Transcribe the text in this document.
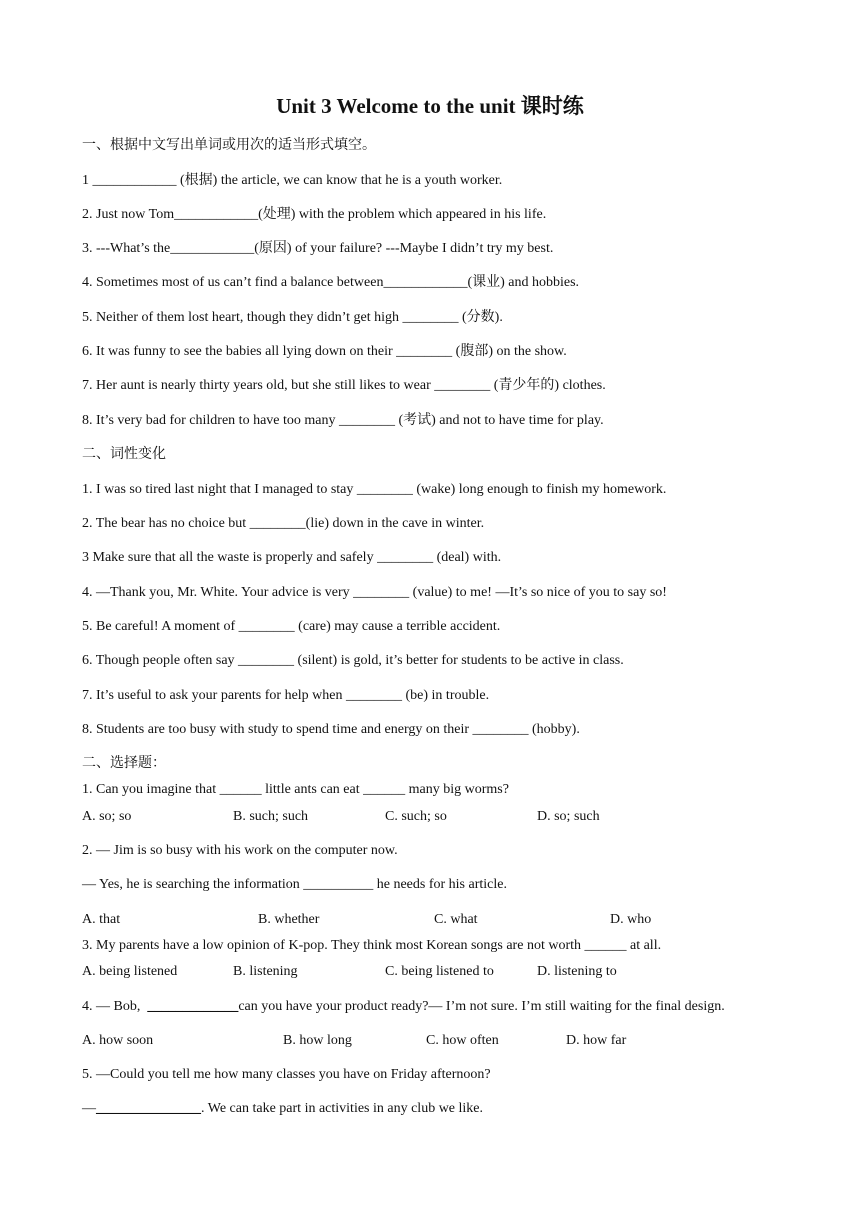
Unit 3 Welcome to the unit 课时练
一、根据中文写出单词或用次的适当形式填空。
1 ____________ (根据) the article, we can know that he is a youth worker.
2. Just now Tom____________(处理) with the problem which appeared in his life.
3. ---What’s the____________(原因) of your failure? ---Maybe I didn’t try my best.
4. Sometimes most of us can’t find a balance between____________(课业) and hobbies.
5. Neither of them lost heart, though they didn’t get high ________ (分数).
6. It was funny to see the babies all lying down on their ________ (腹部) on the show.
7. Her aunt is nearly thirty years old, but she still likes to wear ________ (青少年的) clothes.
8. It’s very bad for children to have too many ________ (考试) and not to have time for play.
二、词性变化
1. I was so tired last night that I managed to stay ________ (wake) long enough to finish my homework.
2. The bear has no choice but ________(lie) down in the cave in winter.
3 Make sure that all the waste is properly and safely ________ (deal) with.
4. —Thank you, Mr. White. Your advice is very ________ (value) to me! —It’s so nice of you to say so!
5. Be careful! A moment of ________ (care) may cause a terrible accident.
6. Though people often say ________ (silent) is gold, it’s better for students to be active in class.
7. It’s useful to ask your parents for help when ________ (be) in trouble.
8. Students are too busy with study to spend time and energy on their ________ (hobby).
二、选择题：
1. Can you imagine that ______ little ants can eat ______ many big worms?
A. so; so	B. such; such	C. such; so	D. so; such
2. — Jim is so busy with his work on the computer now.
— Yes, he is searching the information __________ he needs for his article.
A. that	B. whether	C. what	D. who
3. My parents have a low opinion of K-pop. They think most Korean songs are not worth ______ at all.
A. being listened	B. listening	C. being listened to	D. listening to
4. — Bob,  _____________can you have your product ready?— I’m not sure. I’m still waiting for the final design.
A. how soon	B. how long	C. how often	D. how far
5. —Could you tell me how many classes you have on Friday afternoon?
—_______________. We can take part in activities in any club we like.
